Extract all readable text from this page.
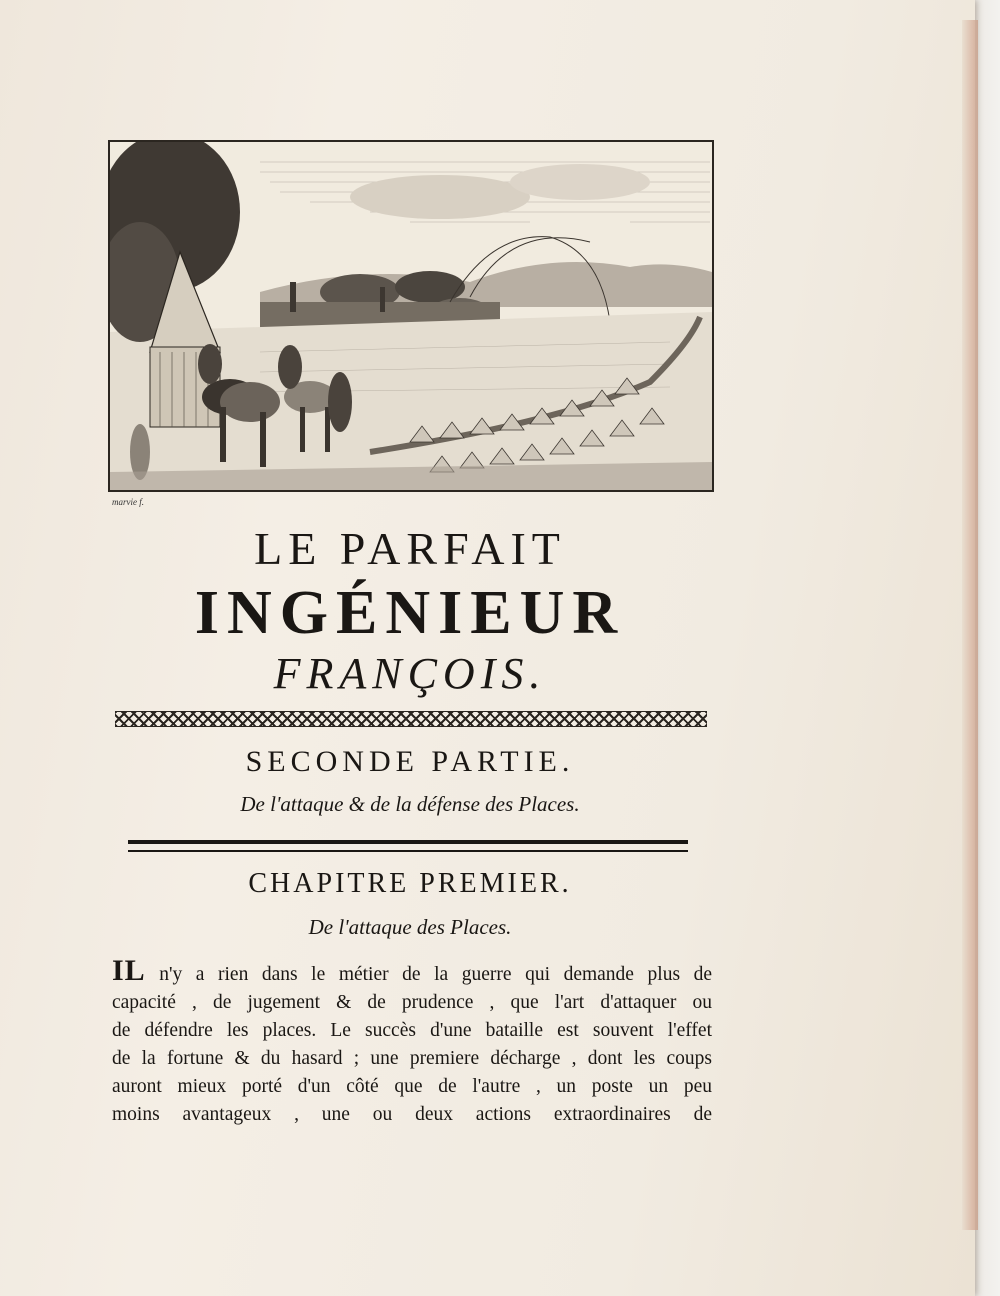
marvie f.
LE PARFAIT
INGÉNIEUR
FRANÇOIS.
SECONDE PARTIE.
De l'attaque & de la défense des Places.
CHAPITRE PREMIER.
De l'attaque des Places.
IL n'y a rien dans le métier de la guerre qui demande plus de
capacité , de jugement & de prudence , que l'art d'attaquer ou
de défendre les places. Le succès d'une bataille est souvent l'effet
de la fortune & du hasard ; une premiere décharge , dont les coups
auront mieux porté d'un côté que de l'autre , un poste un peu
moins avantageux , une ou deux actions extraordinaires de
